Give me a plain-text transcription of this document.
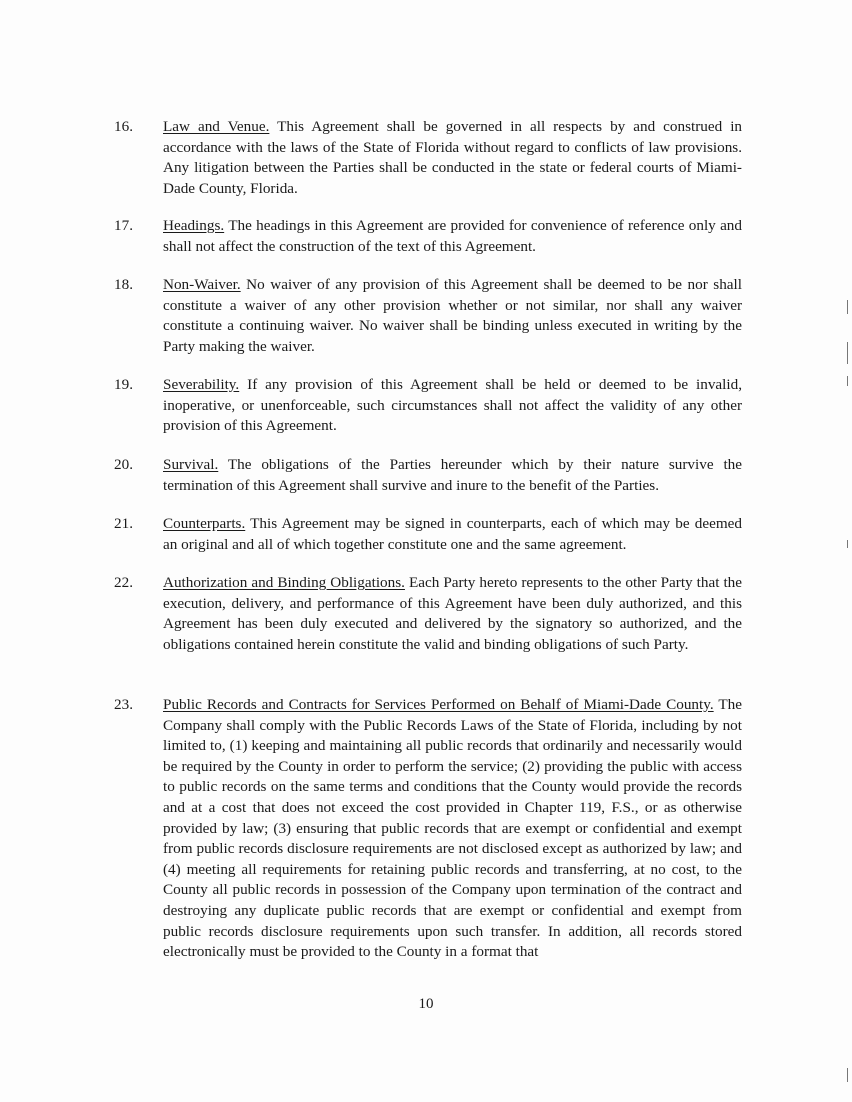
16.	Law and Venue. This Agreement shall be governed in all respects by and construed in accordance with the laws of the State of Florida without regard to conflicts of law provisions. Any litigation between the Parties shall be conducted in the state or federal courts of Miami-Dade County, Florida.
17.	Headings. The headings in this Agreement are provided for convenience of reference only and shall not affect the construction of the text of this Agreement.
18.	Non-Waiver. No waiver of any provision of this Agreement shall be deemed to be nor shall constitute a waiver of any other provision whether or not similar, nor shall any waiver constitute a continuing waiver. No waiver shall be binding unless executed in writing by the Party making the waiver.
19.	Severability. If any provision of this Agreement shall be held or deemed to be invalid, inoperative, or unenforceable, such circumstances shall not affect the validity of any other provision of this Agreement.
20.	Survival. The obligations of the Parties hereunder which by their nature survive the termination of this Agreement shall survive and inure to the benefit of the Parties.
21.	Counterparts. This Agreement may be signed in counterparts, each of which may be deemed an original and all of which together constitute one and the same agreement.
22.	Authorization and Binding Obligations. Each Party hereto represents to the other Party that the execution, delivery, and performance of this Agreement have been duly authorized, and this Agreement has been duly executed and delivered by the signatory so authorized, and the obligations contained herein constitute the valid and binding obligations of such Party.
23.	Public Records and Contracts for Services Performed on Behalf of Miami-Dade County. The Company shall comply with the Public Records Laws of the State of Florida, including by not limited to, (1) keeping and maintaining all public records that ordinarily and necessarily would be required by the County in order to perform the service; (2) providing the public with access to public records on the same terms and conditions that the County would provide the records and at a cost that does not exceed the cost provided in Chapter 119, F.S., or as otherwise provided by law; (3) ensuring that public records that are exempt or confidential and exempt from public records disclosure requirements are not disclosed except as authorized by law; and (4) meeting all requirements for retaining public records and transferring, at no cost, to the County all public records in possession of the Company upon termination of the contract and destroying any duplicate public records that are exempt or confidential and exempt from public records disclosure requirements upon such transfer. In addition, all records stored electronically must be provided to the County in a format that
10
